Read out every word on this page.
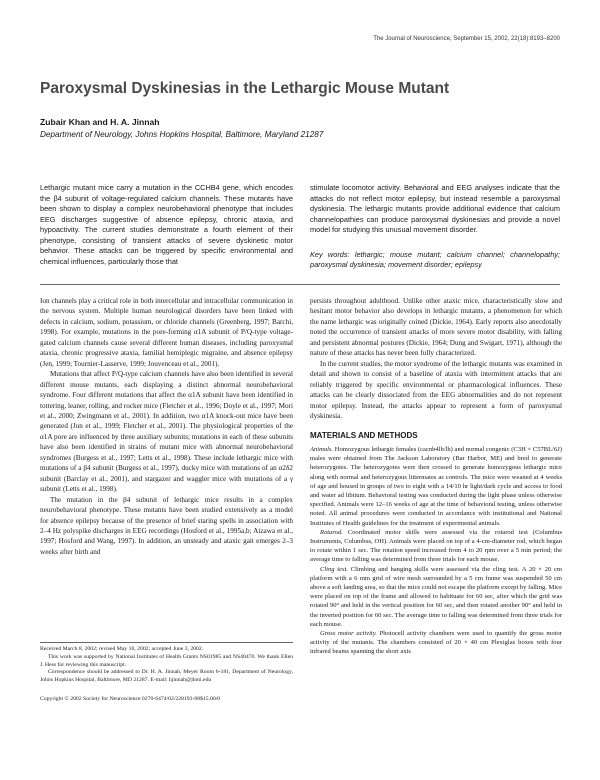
The Journal of Neuroscience, September 15, 2002, 22(18):8193–8200
Paroxysmal Dyskinesias in the Lethargic Mouse Mutant
Zubair Khan and H. A. Jinnah
Department of Neurology, Johns Hopkins Hospital, Baltimore, Maryland 21287
Lethargic mutant mice carry a mutation in the CCHB4 gene, which encodes the β4 subunit of voltage-regulated calcium channels. These mutants have been shown to display a complex neurobehavioral phenotype that includes EEG discharges suggestive of absence epilepsy, chronic ataxia, and hypoactivity. The current studies demonstrate a fourth element of their phenotype, consisting of transient attacks of severe dyskinetic motor behavior. These attacks can be triggered by specific environmental and chemical influences, particularly those that
stimulate locomotor activity. Behavioral and EEG analyses indicate that the attacks do not reflect motor epilepsy, but instead resemble a paroxysmal dyskinesia. The lethargic mutants provide additional evidence that calcium channelopathies can produce paroxysmal dyskinesias and provide a novel model for studying this unusual movement disorder.
Key words: lethargic; mouse mutant; calcium channel; channelopathy; paroxysmal dyskinesia; movement disorder; epilepsy

Ion channels play a critical role in both intercellular and intracellular communication in the nervous system. Multiple human neurological disorders have been linked with defects in calcium, sodium, potassium, or chloride channels (Greenberg, 1997; Barchi, 1998). For example, mutations in the pore-forming α1A subunit of P/Q-type voltage-gated calcium channels cause several different human diseases, including paroxysmal ataxia, chronic progressive ataxia, familial hemiplegic migraine, and absence epilepsy (Jen, 1999; Tournier-Lasserve, 1999; Jouvenceau et al., 2001).

Mutations that affect P/Q-type calcium channels have also been identified in several different mouse mutants, each displaying a distinct abnormal neurobehavioral syndrome. Four different mutations that affect the α1A subunit have been identified in tottering, leaner, rolling, and rocker mice (Fletcher et al., 1996; Doyle et al., 1997; Mori et al., 2000; Zwingmann et al., 2001). In addition, two α1A knock-out mice have been generated (Jun et al., 1999; Fletcher et al., 2001). The physiological properties of the α1A pore are influenced by three auxiliary subunits; mutations in each of these subunits have also been identified in strains of mutant mice with abnormal neurobehavioral syndromes (Burgess et al., 1997; Letts et al., 1998). These include lethargic mice with mutations of a β4 subunit (Burgess et al., 1997), ducky mice with mutations of an α2δ2 subunit (Barclay et al., 2001), and stargazer and waggler mice with mutations of a γ subunit (Letts et al., 1998).

The mutation in the β4 subunit of lethargic mice results in a complex neurobehavioral phenotype. These mutants have been studied extensively as a model for absence epilepsy because of the presence of brief staring spells in association with 2–4 Hz polyspike discharges in EEG recordings (Hosford et al., 1995a,b; Aizawa et al., 1997; Hosford and Wang, 1997). In addition, an unsteady and ataxic gait emerges 2–3 weeks after birth and

persists throughout adulthood. Unlike other ataxic mice, characteristically slow and hesitant motor behavior also develops in lethargic mutants, a phenomenon for which the name lethargic was originally coined (Dickie, 1964). Early reports also anecdotally noted the occurrence of transient attacks of more severe motor disability, with falling and persistent abnormal postures (Dickie, 1964; Dung and Swigart, 1971), although the nature of these attacks has never been fully characterized.

In the current studies, the motor syndrome of the lethargic mutants was examined in detail and shown to consist of a baseline of ataxia with intermittent attacks that are reliably triggered by specific environmental or pharmacological influences. These attacks can be clearly dissociated from the EEG abnormalities and do not represent motor epilepsy. Instead, the attacks appear to represent a form of paroxysmal dyskinesia.

MATERIALS AND METHODS

Animals. Homozygous lethargic females (cacnb4lh/lh) and normal congenic (C3H × C57BL/6J) males were obtained from The Jackson Laboratory (Bar Harbor, ME) and bred to generate heterozygotes. The heterozygotes were then crossed to generate homozygous lethargic mice along with normal and heterozygous littermates as controls. The mice were weaned at 4 weeks of age and housed in groups of two to eight with a 14/10 hr light/dark cycle and access to food and water ad libitum. Behavioral testing was conducted during the light phase unless otherwise specified. Animals were 12–16 weeks of age at the time of behavioral testing, unless otherwise noted. All animal procedures were conducted in accordance with institutional and National Institutes of Health guidelines for the treatment of experimental animals.

Rotarod. Coordinated motor skills were assessed via the rotarod test (Columbus Instruments, Columbus, OH). Animals were placed on top of a 4-cm-diameter rod, which began to rotate within 1 sec. The rotation speed increased from 4 to 20 rpm over a 5 min period; the average time to falling was determined from three trials for each mouse.

Cling test. Climbing and hanging skills were assessed via the cling test. A 20 × 20 cm platform with a 6 mm grid of wire mesh surrounded by a 5 cm frame was suspended 50 cm above a soft landing area, so that the mice could not escape the platform except by falling. Mice were placed on top of the frame and allowed to habituate for 60 sec, after which the grid was rotated 90° and held in the vertical position for 60 sec, and then rotated another 90° and held in the inverted position for 60 sec. The average time to falling was determined from three trials for each mouse.

Gross motor activity. Photocell activity chambers were used to quantify the gross motor activity of the mutants. The chambers consisted of 20 × 40 cm Plexiglas boxes with four infrared beams spanning the short axis

Received March 8, 2002; revised May 10, 2002; accepted June 3, 2002.
This work was supported by National Institutes of Health Grants NS01985 and NS40470. We thank Ellen J. Hess for reviewing this manuscript.
Correspondence should be addressed to Dr. H. A. Jinnah, Meyer Room 6-181, Department of Neurology, Johns Hopkins Hospital, Baltimore, MD 21287. E-mail: hjinnah@jhmi.edu
Copyright © 2002 Society for Neuroscience 0270-6474/02/228193-08$15.00/0
